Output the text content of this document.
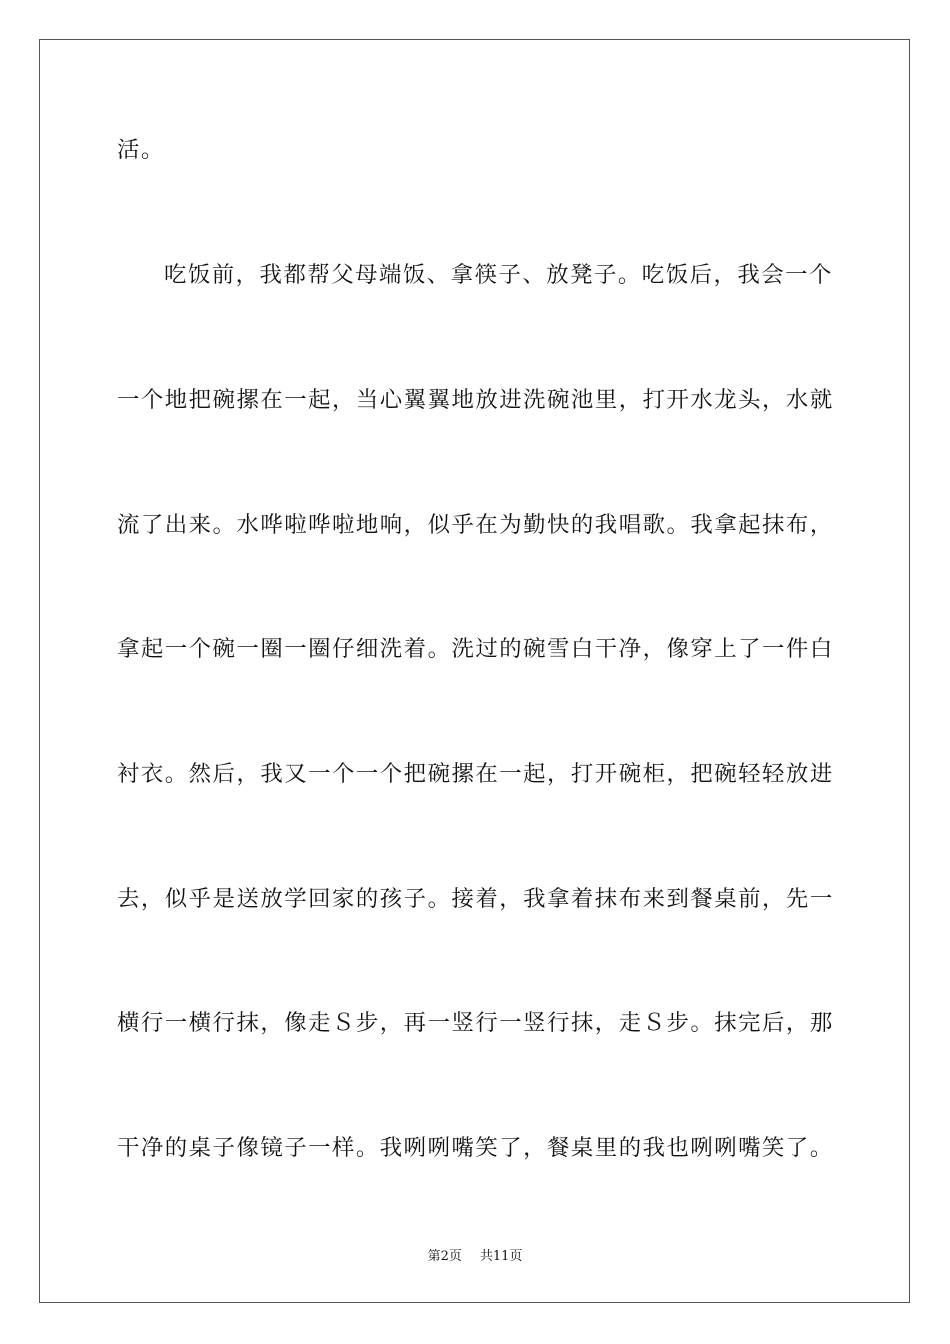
活。
吃饭前，我都帮父母端饭、拿筷子、放凳子。吃饭后，我会一个
一个地把碗摞在一起，当心翼翼地放进洗碗池里，打开水龙头，水就
流了出来。水哗啦哗啦地响，似乎在为勤快的我唱歌。我拿起抹布，
拿起一个碗一圈一圈仔细洗着。洗过的碗雪白干净，像穿上了一件白
衬衣。然后，我又一个一个把碗摞在一起，打开碗柜，把碗轻轻放进
去，似乎是送放学回家的孩子。接着，我拿着抹布来到餐桌前，先一
横行一横行抹，像走Ｓ步，再一竖行一竖行抹，走Ｓ步。抹完后，那
干净的桌子像镜子一样。我咧咧嘴笑了，餐桌里的我也咧咧嘴笑了。
第2页 共11页
